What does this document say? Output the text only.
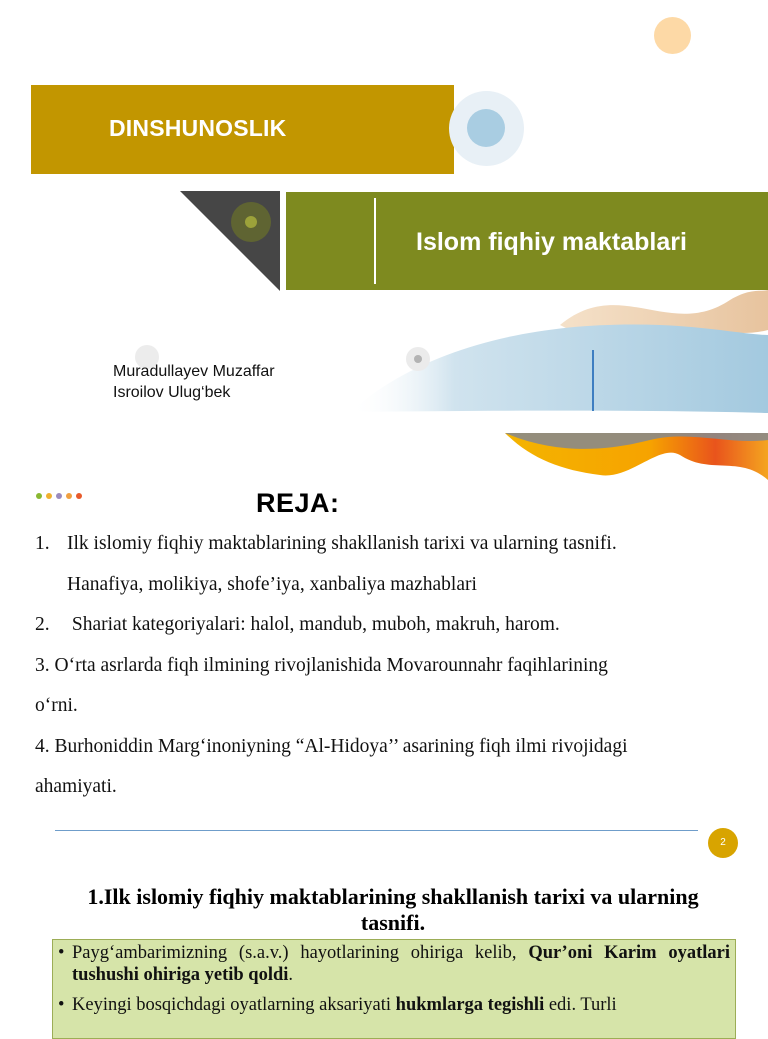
DINSHUNOSLIK
Islom fiqhiy maktablari
Muradullayev Muzaffar
Isroilov Ulug‘bek
REJA:
1. Ilk islomiy fiqhiy maktablarining shakllanish tarixi va ularning tasnifi.
Hanafiya, molikiya, shofe’iya, xanbaliya mazhablari
2. Shariat kategoriyalari: halol, mandub, muboh, makruh, harom.
3. O‘rta asrlarda fiqh ilmining rivojlanishida Movarounnahr faqihlarining
o‘rni.
4. Burhoniddin Marg‘inoniyning “Al-Hidoya’’ asarining fiqh ilmi rivojidagi
ahamiyati.
2
1.Ilk islomiy fiqhiy maktablarining shakllanish tarixi va ularning tasnifi.
• Payg‘ambarimizning (s.a.v.) hayotlarining ohiriga kelib, Qur’oni Karim oyatlari tushushi ohiriga yetib qoldi.
• Keyingi bosqichdagi oyatlarning aksariyati hukmlarga tegishli edi. Turli
